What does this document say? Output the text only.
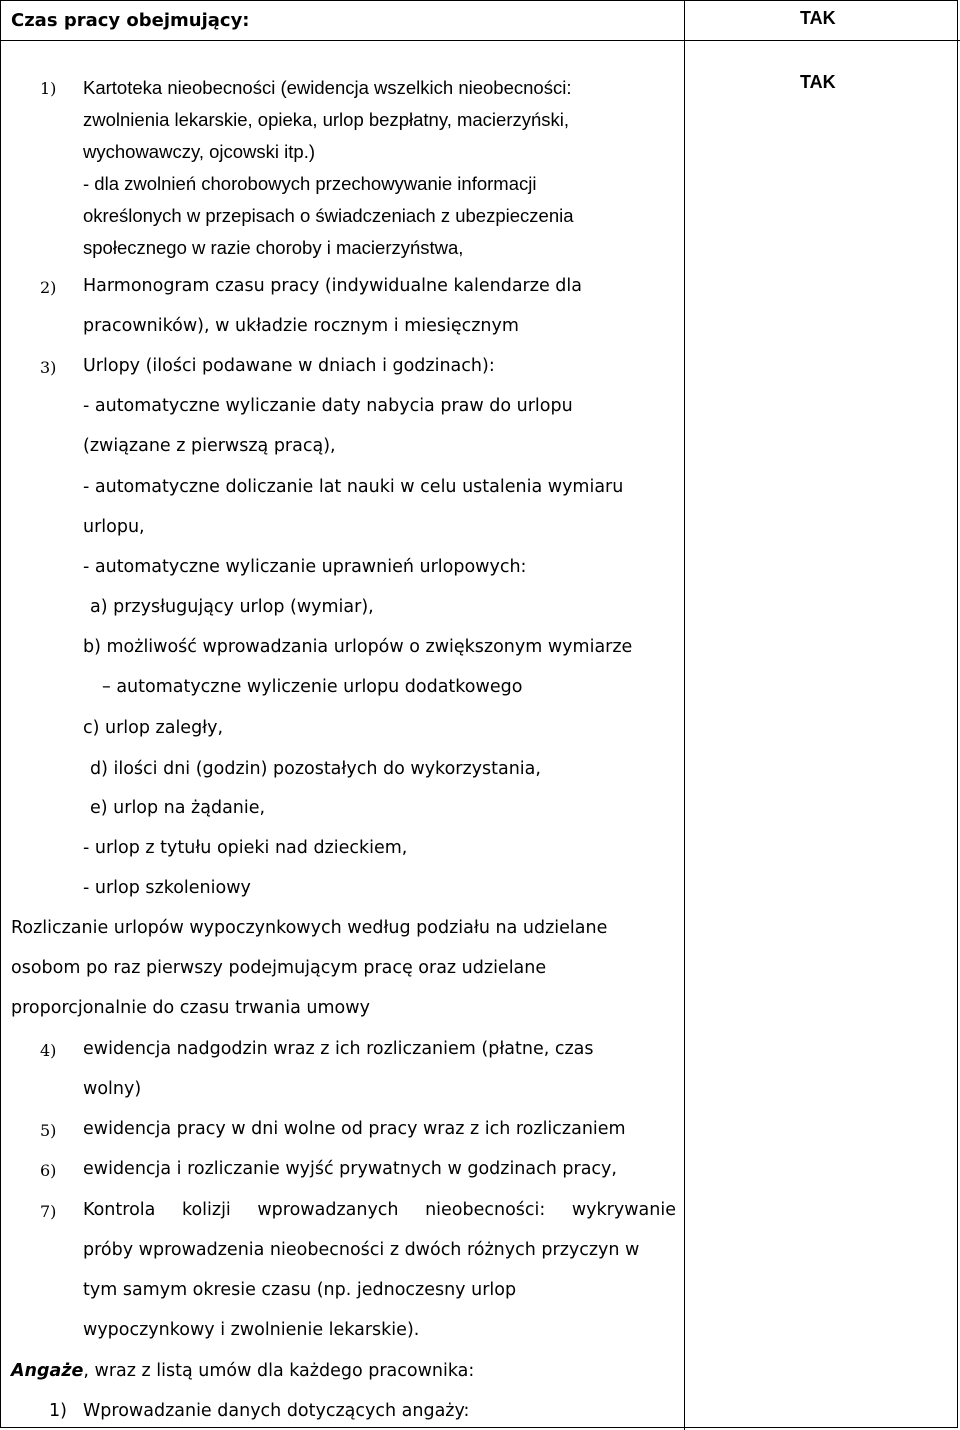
Czas pracy obejmujący:	TAK
TAK
1) Kartoteka nieobecności (ewidencja wszelkich nieobecności:
zwolnienia lekarskie, opieka, urlop bezpłatny, macierzyński,
wychowawczy, ojcowski itp.)
- dla zwolnień chorobowych przechowywanie informacji
określonych w przepisach o świadczeniach z ubezpieczenia
społecznego w razie choroby i macierzyństwa,
2) Harmonogram czasu pracy (indywidualne kalendarze dla
pracowników), w układzie rocznym i miesięcznym
3) Urlopy (ilości podawane w dniach i godzinach):
- automatyczne wyliczanie daty nabycia praw do urlopu
(związane z pierwszą pracą),
- automatyczne doliczanie lat nauki w celu ustalenia wymiaru
urlopu,
- automatyczne wyliczanie uprawnień urlopowych:
a) przysługujący urlop (wymiar),
b) możliwość wprowadzania urlopów o zwiększonym wymiarze
– automatyczne wyliczenie urlopu dodatkowego
c) urlop zaległy,
d) ilości dni (godzin) pozostałych do wykorzystania,
e) urlop na żądanie,
- urlop z tytułu opieki nad dzieckiem,
- urlop szkoleniowy
Rozliczanie urlopów wypoczynkowych według podziału na udzielane
osobom po raz pierwszy podejmującym pracę oraz udzielane
proporcjonalnie do czasu trwania umowy
4) ewidencja nadgodzin wraz z ich rozliczaniem (płatne, czas
wolny)
5) ewidencja pracy w dni wolne od pracy wraz z ich rozliczaniem
6) ewidencja i rozliczanie wyjść prywatnych w godzinach pracy,
7) Kontrola kolizji wprowadzanych nieobecności: wykrywanie
próby wprowadzenia nieobecności z dwóch różnych przyczyn w
tym samym okresie czasu (np. jednoczesny urlop
wypoczynkowy i zwolnienie lekarskie).
Angaże, wraz z listą umów dla każdego pracownika:
1) Wprowadzanie danych dotyczących angaży:
